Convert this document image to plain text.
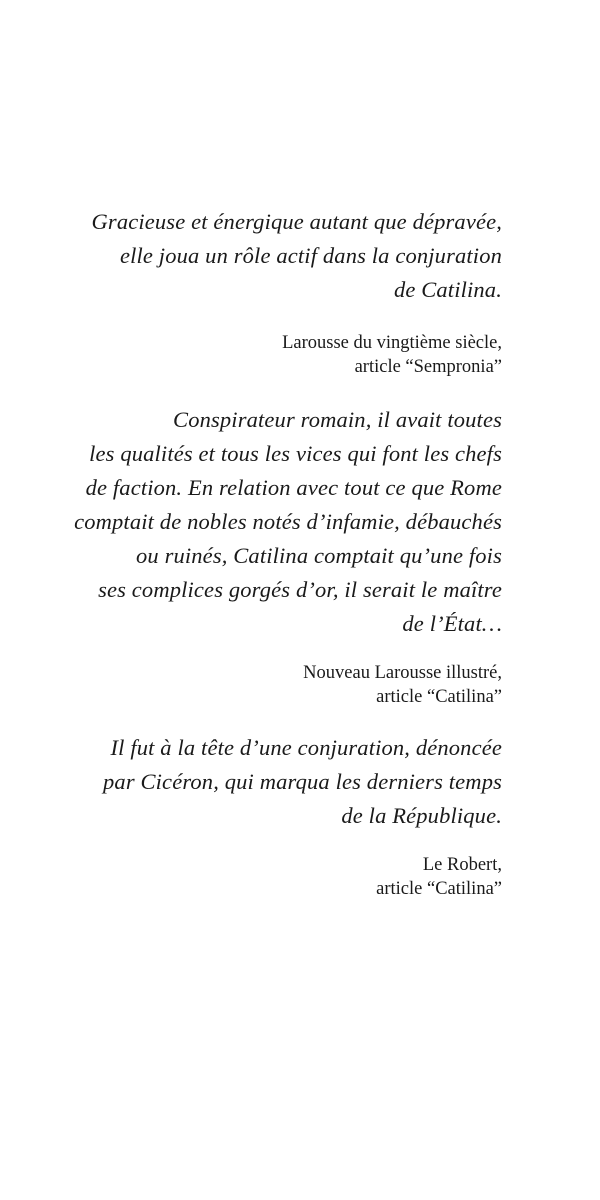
Gracieuse et énergique autant que dépravée,
elle joua un rôle actif dans la conjuration
de Catilina.

Larousse du vingtième siècle,
article “Sempronia”

Conspirateur romain, il avait toutes
les qualités et tous les vices qui font les chefs
de faction. En relation avec tout ce que Rome
comptait de nobles notés d’infamie, débauchés
ou ruinés, Catilina comptait qu’une fois
ses complices gorgés d’or, il serait le maître
de l’État…

Nouveau Larousse illustré,
article “Catilina”

Il fut à la tête d’une conjuration, dénoncée
par Cicéron, qui marqua les derniers temps
de la République.

Le Robert,
article “Catilina”
